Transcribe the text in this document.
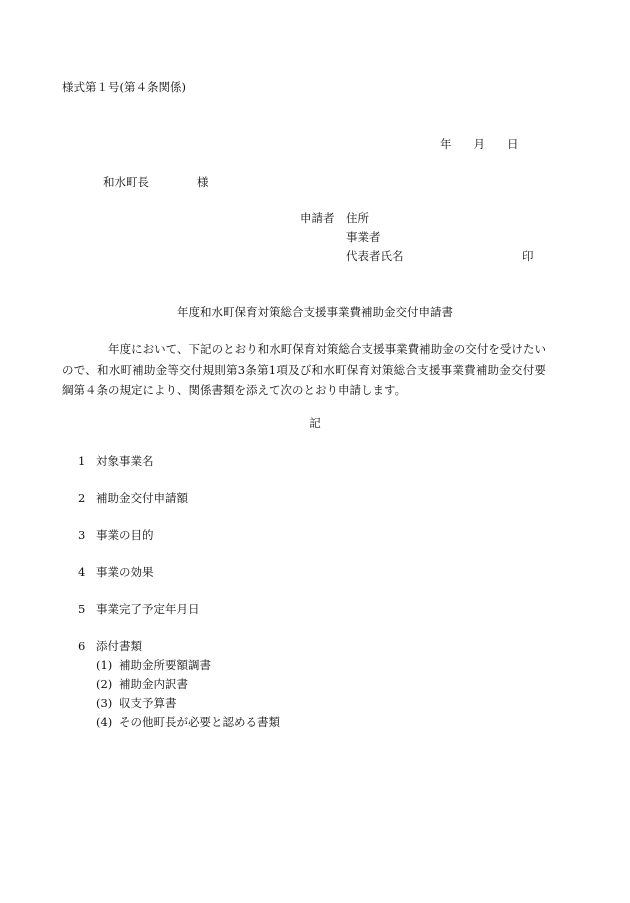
様式第１号(第４条関係)
年 月 日
和水町長	様
申請者 住所
事業者
代表者氏名	印
年度和水町保育対策総合支援事業費補助金交付申請書
年度において、下記のとおり和水町保育対策総合支援事業費補助金の交付を受けたいので、和水町補助金等交付規則第3条第1項及び和水町保育対策総合支援事業費補助金交付要綱第４条の規定により、関係書類を添えて次のとおり申請します。
記
1 対象事業名
2 補助金交付申請額
3 事業の目的
4 事業の効果
5 事業完了予定年月日
6 添付書類
(1) 補助金所要額調書
(2) 補助金内訳書
(3) 収支予算書
(4) その他町長が必要と認める書類
